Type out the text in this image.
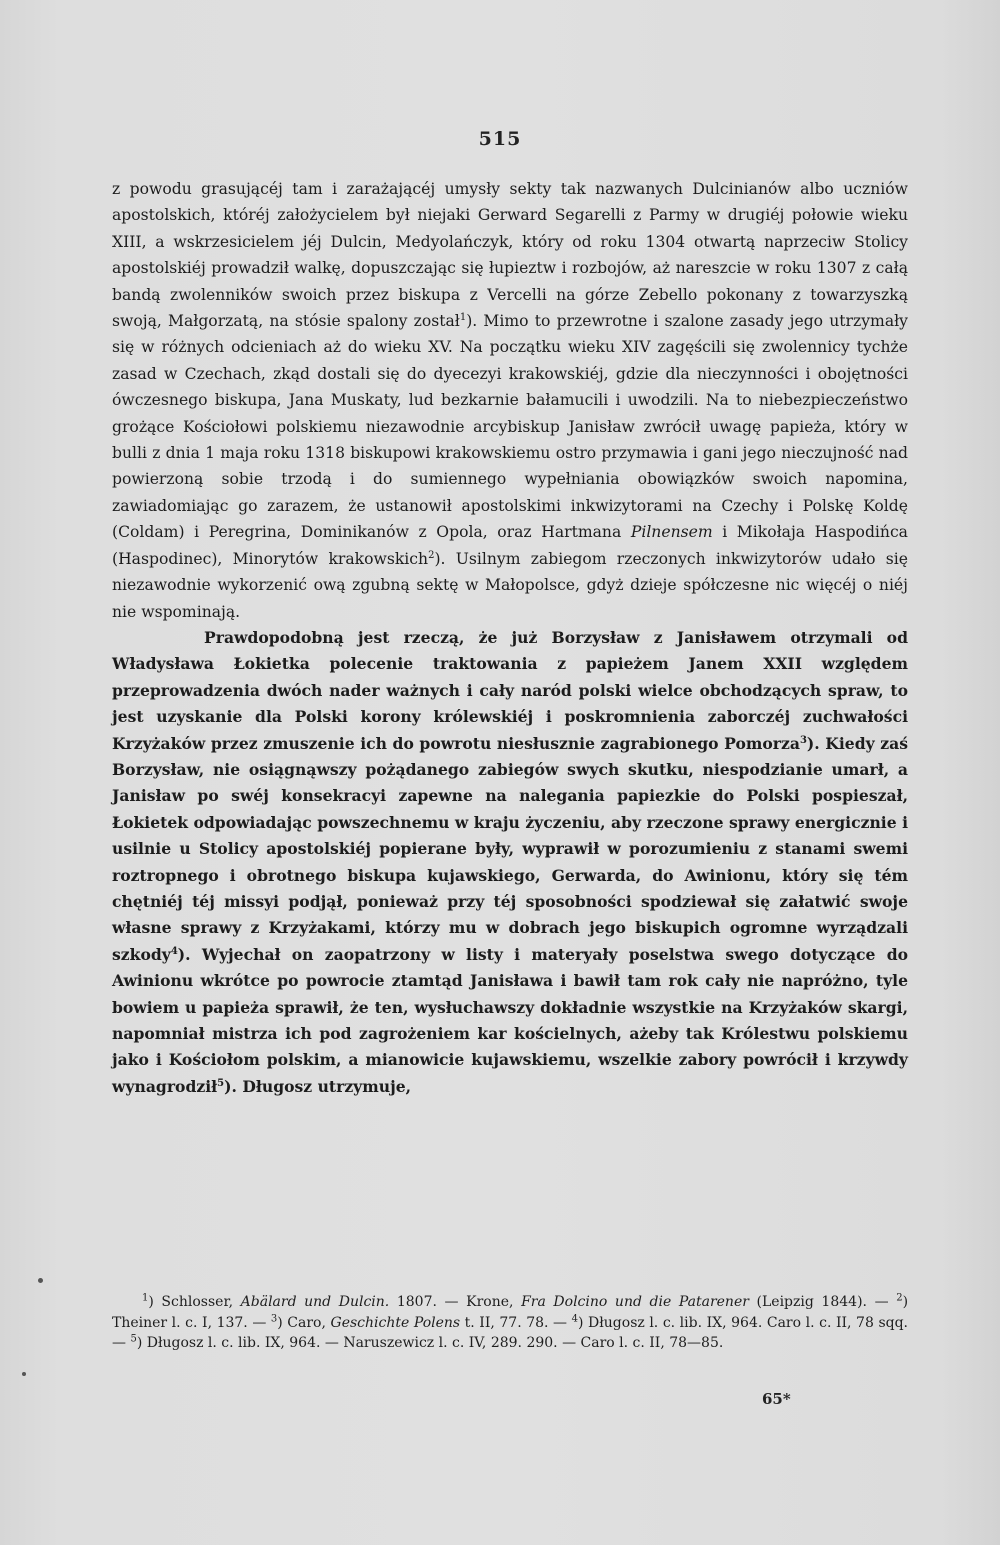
515

z powodu grasującéj tam i zarażającéj umysły sekty tak nazwanych Dulcinianów albo uczniów apostolskich, któréj założycielem był niejaki Gerward Segarelli z Parmy w drugiéj połowie wieku XIII, a wskrzesicielem jéj Dulcin, Medyolańczyk, który od roku 1304 otwartą naprzeciw Stolicy apostolskiéj prowadził walkę, dopuszczając się łupieztw i rozbojów, aż nareszcie w roku 1307 z całą bandą zwolenników swoich przez biskupa z Vercelli na górze Zebello pokonany z towarzyszką swoją, Małgorzatą, na stósie spalony został$^1$). Mimo to przewrotne i szalone zasady jego utrzymały się w różnych odcieniach aż do wieku XV. Na początku wieku XIV zagęścili się zwolennicy tychże zasad w Czechach, zkąd dostali się do dyecezyi krakowskiéj, gdzie dla nieczynności i obojętności ówczesnego biskupa, Jana Muskaty, lud bezkarnie bałamucili i uwodzili. Na to niebezpieczeństwo grożące Kościołowi polskiemu niezawodnie arcybiskup Janisław zwrócił uwagę papieża, który w bulli z dnia 1 maja roku 1318 biskupowi krakowskiemu ostro przymawia i gani jego nieczujność nad powierzoną sobie trzodą i do sumiennego wypełniania obowiązków swoich napomina, zawiadomiając go zarazem, że ustanowił apostolskimi inkwizytorami na Czechy i Polskę Koldę (Coldam) i Peregrina, Dominikanów z Opola, oraz Hartmana Pilnensem i Mikołaja Haspodińca (Haspodinec), Minorytów krakowskich$^2$). Usilnym zabiegom rzeczonych inkwizytorów udało się niezawodnie wykorzenić ową zgubną sektę w Małopolsce, gdyż dzieje spółczesne nic więcéj o niéj nie wspominają.

Prawdopodobną jest rzeczą, że już Borzysław z Janisławem otrzymali od Władysława Łokietka polecenie traktowania z papieżem Janem XXII względem przeprowadzenia dwóch nader ważnych i cały naród polski wielce obchodzących spraw, to jest uzyskanie dla Polski korony królewskiéj i poskromnienia zaborczéj zuchwałości Krzyżaków przez zmuszenie ich do powrotu niesłusznie zagrabionego Pomorza$^3$). Kiedy zaś Borzysław, nie osiągnąwszy pożądanego zabiegów swych skutku, niespodzianie umarł, a Janisław po swéj konsekracyi zapewne na nalegania papiezkie do Polski pospieszał, Łokietek odpowiadając powszechnemu w kraju życzeniu, aby rzeczone sprawy energicznie i usilnie u Stolicy apostolskiéj popierane były, wyprawił w porozumieniu z stanami swemi roztropnego i obrotnego biskupa kujawskiego, Gerwarda, do Awinionu, który się tém chętniéj téj missyi podjął, ponieważ przy téj sposobności spodziewał się załatwić swoje własne sprawy z Krzyżakami, którzy mu w dobrach jego biskupich ogromne wyrządzali szkody$^4$). Wyjechał on zaopatrzony w listy i materyały poselstwa swego dotyczące do Awinionu wkrótce po powrocie ztamtąd Janisława i bawił tam rok cały nie napróżno, tyle bowiem u papieża sprawił, że ten, wysłuchawszy dokładnie wszystkie na Krzyżaków skargi, napomniał mistrza ich pod zagrożeniem kar kościelnych, ażeby tak Królestwu polskiemu jako i Kościołom polskim, a mianowicie kujawskiemu, wszelkie zabory powrócił i krzywdy wynagrodził$^5$). Długosz utrzymuje,

$^1$) Schlosser, Abälard und Dulcin. 1807. — Krone, Fra Dolcino und die Patarener (Leipzig 1844). — $^2$) Theiner l. c. I, 137. — $^3$) Caro, Geschichte Polens t. II, 77. 78. — $^4$) Długosz l. c. lib. IX, 964. Caro l. c. II, 78 sqq. — $^5$) Długosz l. c. lib. IX, 964. — Naruszewicz l. c. IV, 289. 290. — Caro l. c. II, 78—85.

65*
